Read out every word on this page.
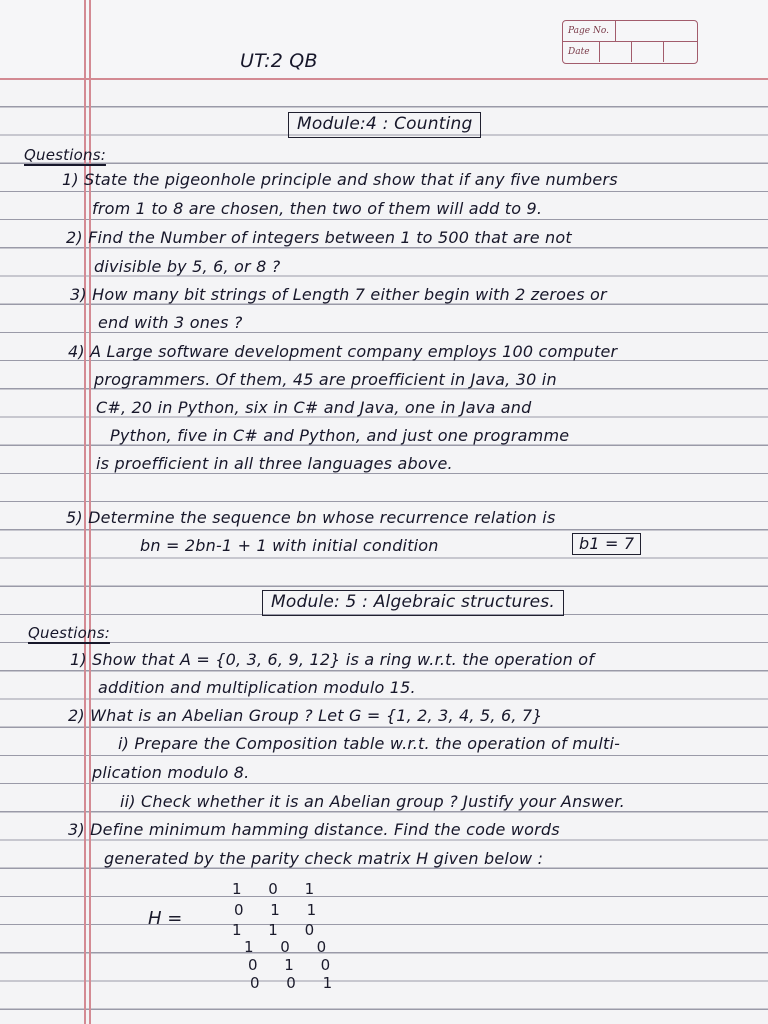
Page No.
Date
UT:2 QB
Module:4 : Counting
Questions:
1) State the pigeonhole principle and show that if any five numbers
from 1 to 8 are chosen, then two of them will add to 9.
2) Find the Number of integers between 1 to 500 that are not
divisible by 5, 6, or 8 ?
3) How many bit strings of Length 7 either begin with 2 zeroes or
end with 3 ones ?
4) A Large software development company employs 100 computer
programmers. Of them, 45 are proefficient in Java, 30 in
C#, 20 in Python, six in C# and Java, one in Java and
Python, five in C# and Python, and just one programme
is proefficient in all three languages above.
5) Determine the sequence bn whose recurrence relation is
bn = 2bn-1 + 1 with initial condition	b1 = 7
Module: 5 : Algebraic structures.
Questions:
1) Show that A = {0, 3, 6, 9, 12} is a ring w.r.t. the operation of
addition and multiplication modulo 15.
2) What is an Abelian Group ? Let G = {1, 2, 3, 4, 5, 6, 7}
i) Prepare the Composition table w.r.t. the operation of multi-
plication modulo 8.
ii) Check whether it is an Abelian group ? Justify your Answer.
3) Define minimum hamming distance. Find the code words
generated by the parity check matrix H given below :
H =
1 0 1
0 1 1
1 1 0
1 0 0
0 1 0
0 0 1
